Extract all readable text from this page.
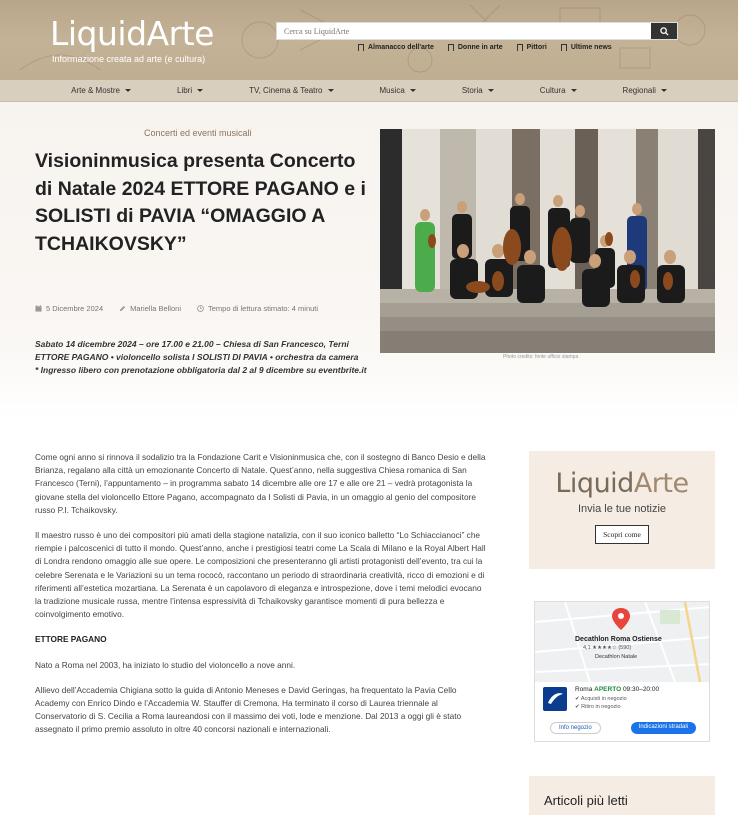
LiquidArte
Informazione creata ad arte (e cultura)
Cerca su LiquidArte
Almanacco dell'arte	Donne in arte	Pittori	Ultime news
Arte & Mostre	Libri	TV, Cinema & Teatro	Musica	Storia	Cultura	Regionali
Concerti ed eventi musicali
Visioninmusica presenta Concerto di Natale 2024 ETTORE PAGANO e i SOLISTI di PAVIA “OMAGGIO A TCHAIKOVSKY”
5 Dicembre 2024	Mariella Belloni	Tempo di lettura stimato: 4 minuti
Sabato 14 dicembre 2024 – ore 17.00 e 21.00 – Chiesa di San Francesco, Terni
ETTORE PAGANO • violoncello solista I SOLISTI DI PAVIA • orchestra da camera
* Ingresso libero con prenotazione obbligatoria dal 2 al 9 dicembre su eventbrite.it
Photo credits: fonte ufficio stampa

Come ogni anno si rinnova il sodalizio tra la Fondazione Carit e Visioninmusica che, con il sostegno di Banco Desio e della Brianza, regalano alla città un emozionante Concerto di Natale. Quest’anno, nella suggestiva Chiesa romanica di San Francesco (Terni), l’appuntamento – in programma sabato 14 dicembre alle ore 17 e alle ore 21 – vedrà protagonista la giovane stella del violoncello Ettore Pagano, accompagnato da I Solisti di Pavia, in un omaggio al genio del compositore russo P.I. Tchaikovsky.

Il maestro russo è uno dei compositori più amati della stagione natalizia, con il suo iconico balletto “Lo Schiaccianoci” che riempie i palcoscenici di tutto il mondo. Quest’anno, anche i prestigiosi teatri come La Scala di Milano e la Royal Albert Hall di Londra rendono omaggio alle sue opere. Le composizioni che presenteranno gli artisti protagonisti dell’evento, tra cui la celebre Serenata e le Variazioni su un tema rococò, raccontano un periodo di straordinaria creatività, ricco di emozioni e di riferimenti all’estetica mozartiana. La Serenata è un capolavoro di eleganza e introspezione, dove i temi melodici evocano la tradizione musicale russa, mentre l’intensa espressività di Tchaikovsky garantisce momenti di pura bellezza e coinvolgimento emotivo.

ETTORE PAGANO

Nato a Roma nel 2003, ha iniziato lo studio del violoncello a nove anni.

Allievo dell’Accademia Chigiana sotto la guida di Antonio Meneses e David Geringas, ha frequentato la Pavia Cello Academy con Enrico Dindo e l’Accademia W. Stauffer di Cremona. Ha terminato il corso di Laurea triennale al Conservatorio di S. Cecilia a Roma laureandosi con il massimo dei voti, lode e menzione. Dal 2013 a oggi gli è stato assegnato il primo premio assoluto in oltre 40 concorsi nazionali e internazionali.

LiquidArte
Invia le tue notizie
Scopri come
Decathlon Roma Ostiense
4,1 ★★★★☆ (590)
Decathlon Natale
Roma APERTO 09:30–20:00
✔ Acquisti in negozio
✔ Ritiro in negozio
Info negozio	Indicazioni stradali
Articoli più letti
